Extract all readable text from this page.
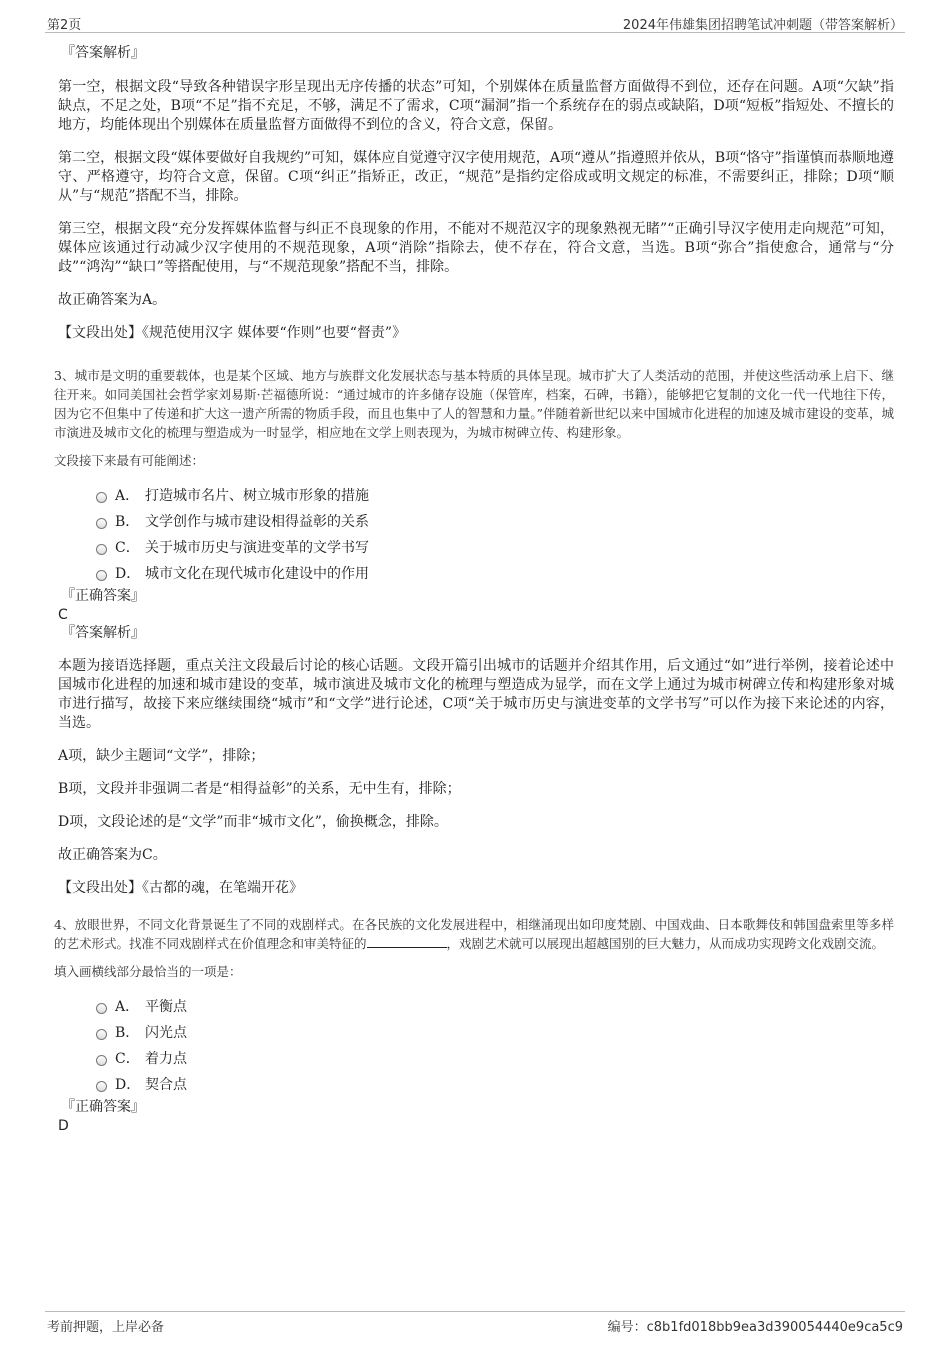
第2页	2024年伟雄集团招聘笔试冲刺题（带答案解析）

『答案解析』

第一空，根据文段“导致各种错误字形呈现出无序传播的状态”可知，个别媒体在质量监督方面做得不到位，还存在问题。A项“欠缺”指缺点，不足之处，B项“不足”指不充足，不够，满足不了需求，C项“漏洞”指一个系统存在的弱点或缺陷，D项“短板”指短处、不擅长的地方，均能体现出个别媒体在质量监督方面做得不到位的含义，符合文意，保留。

第二空，根据文段“媒体要做好自我规约”可知，媒体应自觉遵守汉字使用规范，A项“遵从”指遵照并依从，B项“恪守”指谨慎而恭顺地遵守、严格遵守，均符合文意，保留。C项“纠正”指矫正，改正，“规范”是指约定俗成或明文规定的标准，不需要纠正，排除；D项“顺从”与“规范”搭配不当，排除。

第三空，根据文段“充分发挥媒体监督与纠正不良现象的作用，不能对不规范汉字的现象熟视无睹”“正确引导汉字使用走向规范”可知，媒体应该通过行动减少汉字使用的不规范现象，A项“消除”指除去，使不存在，符合文意，当选。B项“弥合”指使愈合，通常与“分歧”“鸿沟”“缺口”等搭配使用，与“不规范现象”搭配不当，排除。

故正确答案为A。

【文段出处】《规范使用汉字 媒体要“作则”也要“督责”》

3、城市是文明的重要载体，也是某个区域、地方与族群文化发展状态与基本特质的具体呈现。城市扩大了人类活动的范围，并使这些活动承上启下、继往开来。如同美国社会哲学家刘易斯·芒福德所说：“通过城市的许多储存设施（保管库，档案，石碑，书籍），能够把它复制的文化一代一代地往下传，因为它不但集中了传递和扩大这一遗产所需的物质手段，而且也集中了人的智慧和力量。”伴随着新世纪以来中国城市化进程的加速及城市建设的变革，城市演进及城市文化的梳理与塑造成为一时显学，相应地在文学上则表现为，为城市树碑立传、构建形象。

文段接下来最有可能阐述：

A． 打造城市名片、树立城市形象的措施
B． 文学创作与城市建设相得益彰的关系
C． 关于城市历史与演进变革的文学书写
D． 城市文化在现代城市化建设中的作用

『正确答案』

C

『答案解析』

本题为接语选择题，重点关注文段最后讨论的核心话题。文段开篇引出城市的话题并介绍其作用，后文通过“如”进行举例，接着论述中国城市化进程的加速和城市建设的变革，城市演进及城市文化的梳理与塑造成为显学，而在文学上通过为城市树碑立传和构建形象对城市进行描写，故接下来应继续围绕“城市”和“文学”进行论述，C项“关于城市历史与演进变革的文学书写”可以作为接下来论述的内容，当选。

A项，缺少主题词“文学”，排除；

B项，文段并非强调二者是“相得益彰”的关系，无中生有，排除；

D项，文段论述的是“文学”而非“城市文化”，偷换概念，排除。

故正确答案为C。

【文段出处】《古都的魂，在笔端开花》

4、放眼世界，不同文化背景诞生了不同的戏剧样式。在各民族的文化发展进程中，相继涌现出如印度梵剧、中国戏曲、日本歌舞伎和韩国盘索里等多样的艺术形式。找准不同戏剧样式在价值理念和审美特征的	，戏剧艺术就可以展现出超越国别的巨大魅力，从而成功实现跨文化戏剧交流。

填入画横线部分最恰当的一项是：

A． 平衡点
B． 闪光点
C． 着力点
D． 契合点

『正确答案』

D

考前押题，上岸必备	编号：c8b1fd018bb9ea3d390054440e9ca5c9
